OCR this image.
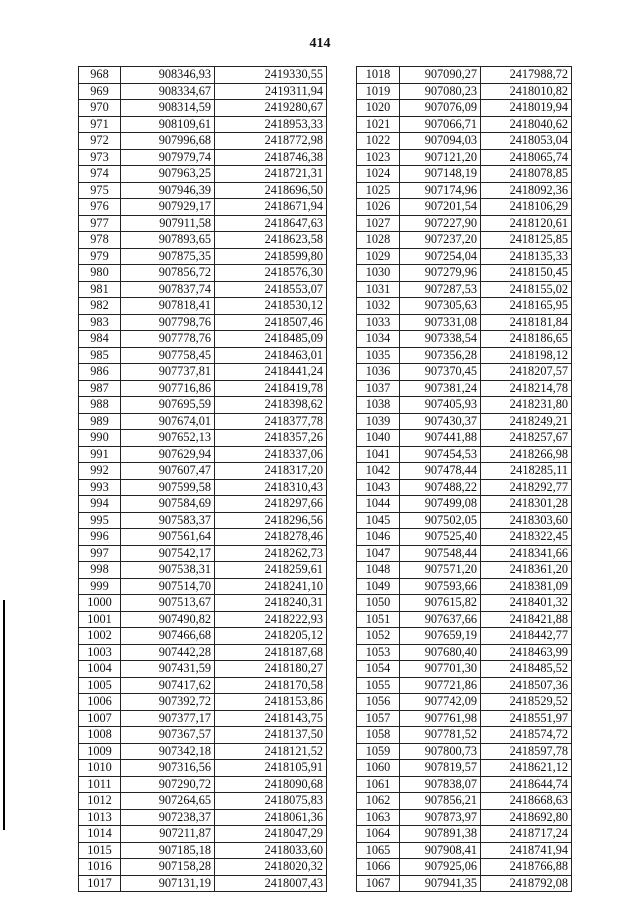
414
968	908346,93	2419330,55
969	908334,67	2419311,94
970	908314,59	2419280,67
971	908109,61	2418953,33
972	907996,68	2418772,98
973	907979,74	2418746,38
974	907963,25	2418721,31
975	907946,39	2418696,50
976	907929,17	2418671,94
977	907911,58	2418647,63
978	907893,65	2418623,58
979	907875,35	2418599,80
980	907856,72	2418576,30
981	907837,74	2418553,07
982	907818,41	2418530,12
983	907798,76	2418507,46
984	907778,76	2418485,09
985	907758,45	2418463,01
986	907737,81	2418441,24
987	907716,86	2418419,78
988	907695,59	2418398,62
989	907674,01	2418377,78
990	907652,13	2418357,26
991	907629,94	2418337,06
992	907607,47	2418317,20
993	907599,58	2418310,43
994	907584,69	2418297,66
995	907583,37	2418296,56
996	907561,64	2418278,46
997	907542,17	2418262,73
998	907538,31	2418259,61
999	907514,70	2418241,10
1000	907513,67	2418240,31
1001	907490,82	2418222,93
1002	907466,68	2418205,12
1003	907442,28	2418187,68
1004	907431,59	2418180,27
1005	907417,62	2418170,58
1006	907392,72	2418153,86
1007	907377,17	2418143,75
1008	907367,57	2418137,50
1009	907342,18	2418121,52
1010	907316,56	2418105,91
1011	907290,72	2418090,68
1012	907264,65	2418075,83
1013	907238,37	2418061,36
1014	907211,87	2418047,29
1015	907185,18	2418033,60
1016	907158,28	2418020,32
1017	907131,19	2418007,43
1018	907090,27	2417988,72
1019	907080,23	2418010,82
1020	907076,09	2418019,94
1021	907066,71	2418040,62
1022	907094,03	2418053,04
1023	907121,20	2418065,74
1024	907148,19	2418078,85
1025	907174,96	2418092,36
1026	907201,54	2418106,29
1027	907227,90	2418120,61
1028	907237,20	2418125,85
1029	907254,04	2418135,33
1030	907279,96	2418150,45
1031	907287,53	2418155,02
1032	907305,63	2418165,95
1033	907331,08	2418181,84
1034	907338,54	2418186,65
1035	907356,28	2418198,12
1036	907370,45	2418207,57
1037	907381,24	2418214,78
1038	907405,93	2418231,80
1039	907430,37	2418249,21
1040	907441,88	2418257,67
1041	907454,53	2418266,98
1042	907478,44	2418285,11
1043	907488,22	2418292,77
1044	907499,08	2418301,28
1045	907502,05	2418303,60
1046	907525,40	2418322,45
1047	907548,44	2418341,66
1048	907571,20	2418361,20
1049	907593,66	2418381,09
1050	907615,82	2418401,32
1051	907637,66	2418421,88
1052	907659,19	2418442,77
1053	907680,40	2418463,99
1054	907701,30	2418485,52
1055	907721,86	2418507,36
1056	907742,09	2418529,52
1057	907761,98	2418551,97
1058	907781,52	2418574,72
1059	907800,73	2418597,78
1060	907819,57	2418621,12
1061	907838,07	2418644,74
1062	907856,21	2418668,63
1063	907873,97	2418692,80
1064	907891,38	2418717,24
1065	907908,41	2418741,94
1066	907925,06	2418766,88
1067	907941,35	2418792,08
